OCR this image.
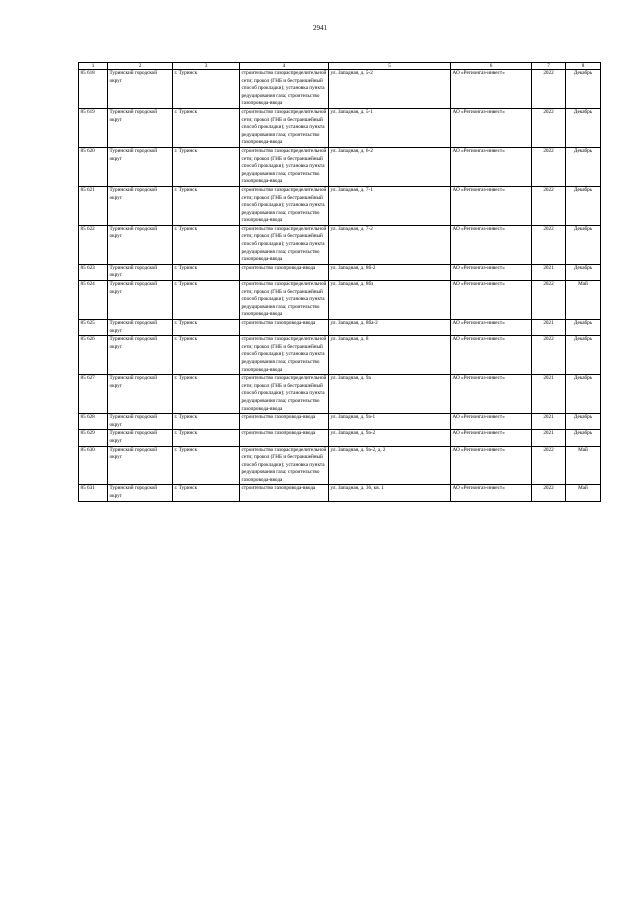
2941
1	2	3	4	5	6	7	8
85 618	Туринский городской округ	г. Туринск	строительство газораспределительной сети; прокол (ГНБ и бестраншейный способ прокладки); установка пункта редуцирования газа; строительство газопровода-ввода	ул. Западная, д. 5-2	АО «Регионгаз-инвест»	2022	Декабрь
85 619	Туринский городской округ	г. Туринск	строительство газораспределительной сети; прокол (ГНБ и бестраншейный способ прокладки); установка пункта редуцирования газа; строительство газопровода-ввода	ул. Западная, д. 5-1	АО «Регионгаз-инвест»	2022	Декабрь
85 620	Туринский городской округ	г. Туринск	строительство газораспределительной сети; прокол (ГНБ и бестраншейный способ прокладки); установка пункта редуцирования газа; строительство газопровода-ввода	ул. Западная, д. 6-2	АО «Регионгаз-инвест»	2022	Декабрь
85 621	Туринский городской округ	г. Туринск	строительство газораспределительной сети; прокол (ГНБ и бестраншейный способ прокладки); установка пункта редуцирования газа; строительство газопровода-ввода	ул. Западная, д. 7-1	АО «Регионгаз-инвест»	2022	Декабрь
85 622	Туринский городской округ	г. Туринск	строительство газораспределительной сети; прокол (ГНБ и бестраншейный способ прокладки); установка пункта редуцирования газа; строительство газопровода-ввода	ул. Западная, д. 7-2	АО «Регионгаз-инвест»	2022	Декабрь
85 623	Туринский городской округ	г. Туринск	строительство газопровода-ввода	ул. Западная, д. 8б-2	АО «Регионгаз-инвест»	2021	Декабрь
85 624	Туринский городской округ	г. Туринск	строительство газораспределительной сети; прокол (ГНБ и бестраншейный способ прокладки); установка пункта редуцирования газа; строительство газопровода-ввода	ул. Западная, д. 8бз	АО «Регионгаз-инвест»	2022	Май
85 625	Туринский городской округ	г. Туринск	строительство газопровода-ввода	ул. Западная, д. 8ба-2	АО «Регионгаз-инвест»	2021	Декабрь
85 626	Туринский городской округ	г. Туринск	строительство газораспределительной сети; прокол (ГНБ и бестраншейный способ прокладки); установка пункта редуцирования газа; строительство газопровода-ввода	ул. Западная, д. 8	АО «Регионгаз-инвест»	2022	Декабрь
85 627	Туринский городской округ	г. Туринск	строительство газораспределительной сети; прокол (ГНБ и бестраншейный способ прокладки); установка пункта редуцирования газа; строительство газопровода-ввода	ул. Западная, д. 9а	АО «Регионгаз-инвест»	2021	Декабрь
85 628	Туринский городской округ	г. Туринск	строительство газопровода-ввода	ул. Западная, д. 9а-1	АО «Регионгаз-инвест»	2021	Декабрь
85 629	Туринский городской округ	г. Туринск	строительство газопровода-ввода	ул. Западная, д. 9а-2	АО «Регионгаз-инвест»	2021	Декабрь
85 630	Туринский городской округ	г. Туринск	строительство газораспределительной сети; прокол (ГНБ и бестраншейный способ прокладки); установка пункта редуцирования газа; строительство газопровода-ввода	ул. Западная, д. 9а-2, д. 2	АО «Регионгаз-инвест»	2022	Май
85 631	Туринский городской округ	г. Туринск	строительство газопровода-ввода	ул. Западная, д. 36, кв. 1	АО «Регионгаз-инвест»	2022	Май
